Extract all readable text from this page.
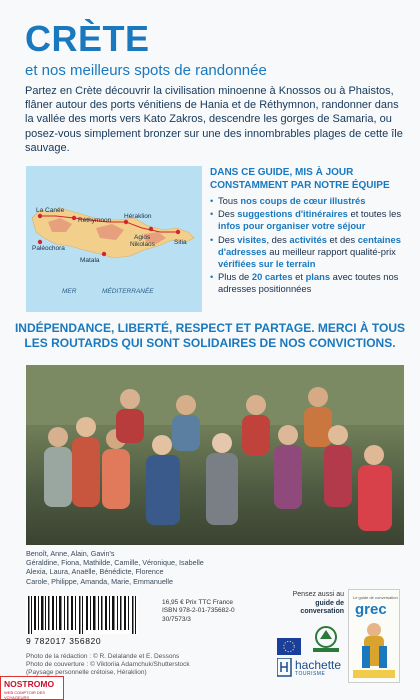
CRÈTE
et nos meilleurs spots de randonnée
Partez en Crète découvrir la civilisation minoenne à Knossos ou à Phaistos, flâner autour des ports vénitiens de Hania et de Réthymnon, randonner dans la vallée des morts vers Kato Zakros, descendre les gorges de Samaria, ou posez-vous simplement bronzer sur une des innombrables plages de cette île sauvage.
La Canée
Réthymnon
Héraklion
Agios
Nikolaos	Sitia
Paléochora
Matala
MER	MÉDITERRANÉE
DANS CE GUIDE, MIS À JOUR CONSTAMMENT PAR NOTRE ÉQUIPE
• Tous nos coups de cœur illustrés
• Des suggestions d'itinéraires et toutes les infos pour organiser votre séjour
• Des visites, des activités et des centaines d'adresses au meilleur rapport qualité-prix vérifiées sur le terrain
• Plus de 20 cartes et plans avec toutes nos adresses positionnées
INDÉPENDANCE, LIBERTÉ, RESPECT ET PARTAGE. MERCI À TOUS LES ROUTARDS QUI SONT SOLIDAIRES DE NOS CONVICTIONS.
Benoît, Anne, Alain, Gavin's
Géraldine, Fiona, Mathilde, Camille, Véronique, Isabelle
Alexia, Laura, Anaëlle, Bénédicte, Florence
Carole, Philippe, Amanda, Marie, Emmanuelle
9 782017 356820
16,95 € Prix TTC France
ISBN 978-2-01-735682-0
30/7573/3
Photo de la rédaction : © R. Delalande et E. Dessons
Photo de couverture : © Viktoriia Adamchuk/Shutterstock
(Paysage personnelle crétoise, Héraklion)
NOSTROMO
WEB COMPTOIR DES VOYAGEURS
Pensez aussi au
guide de conversation
Le guide de conversation
grec
hachette
TOURISME
